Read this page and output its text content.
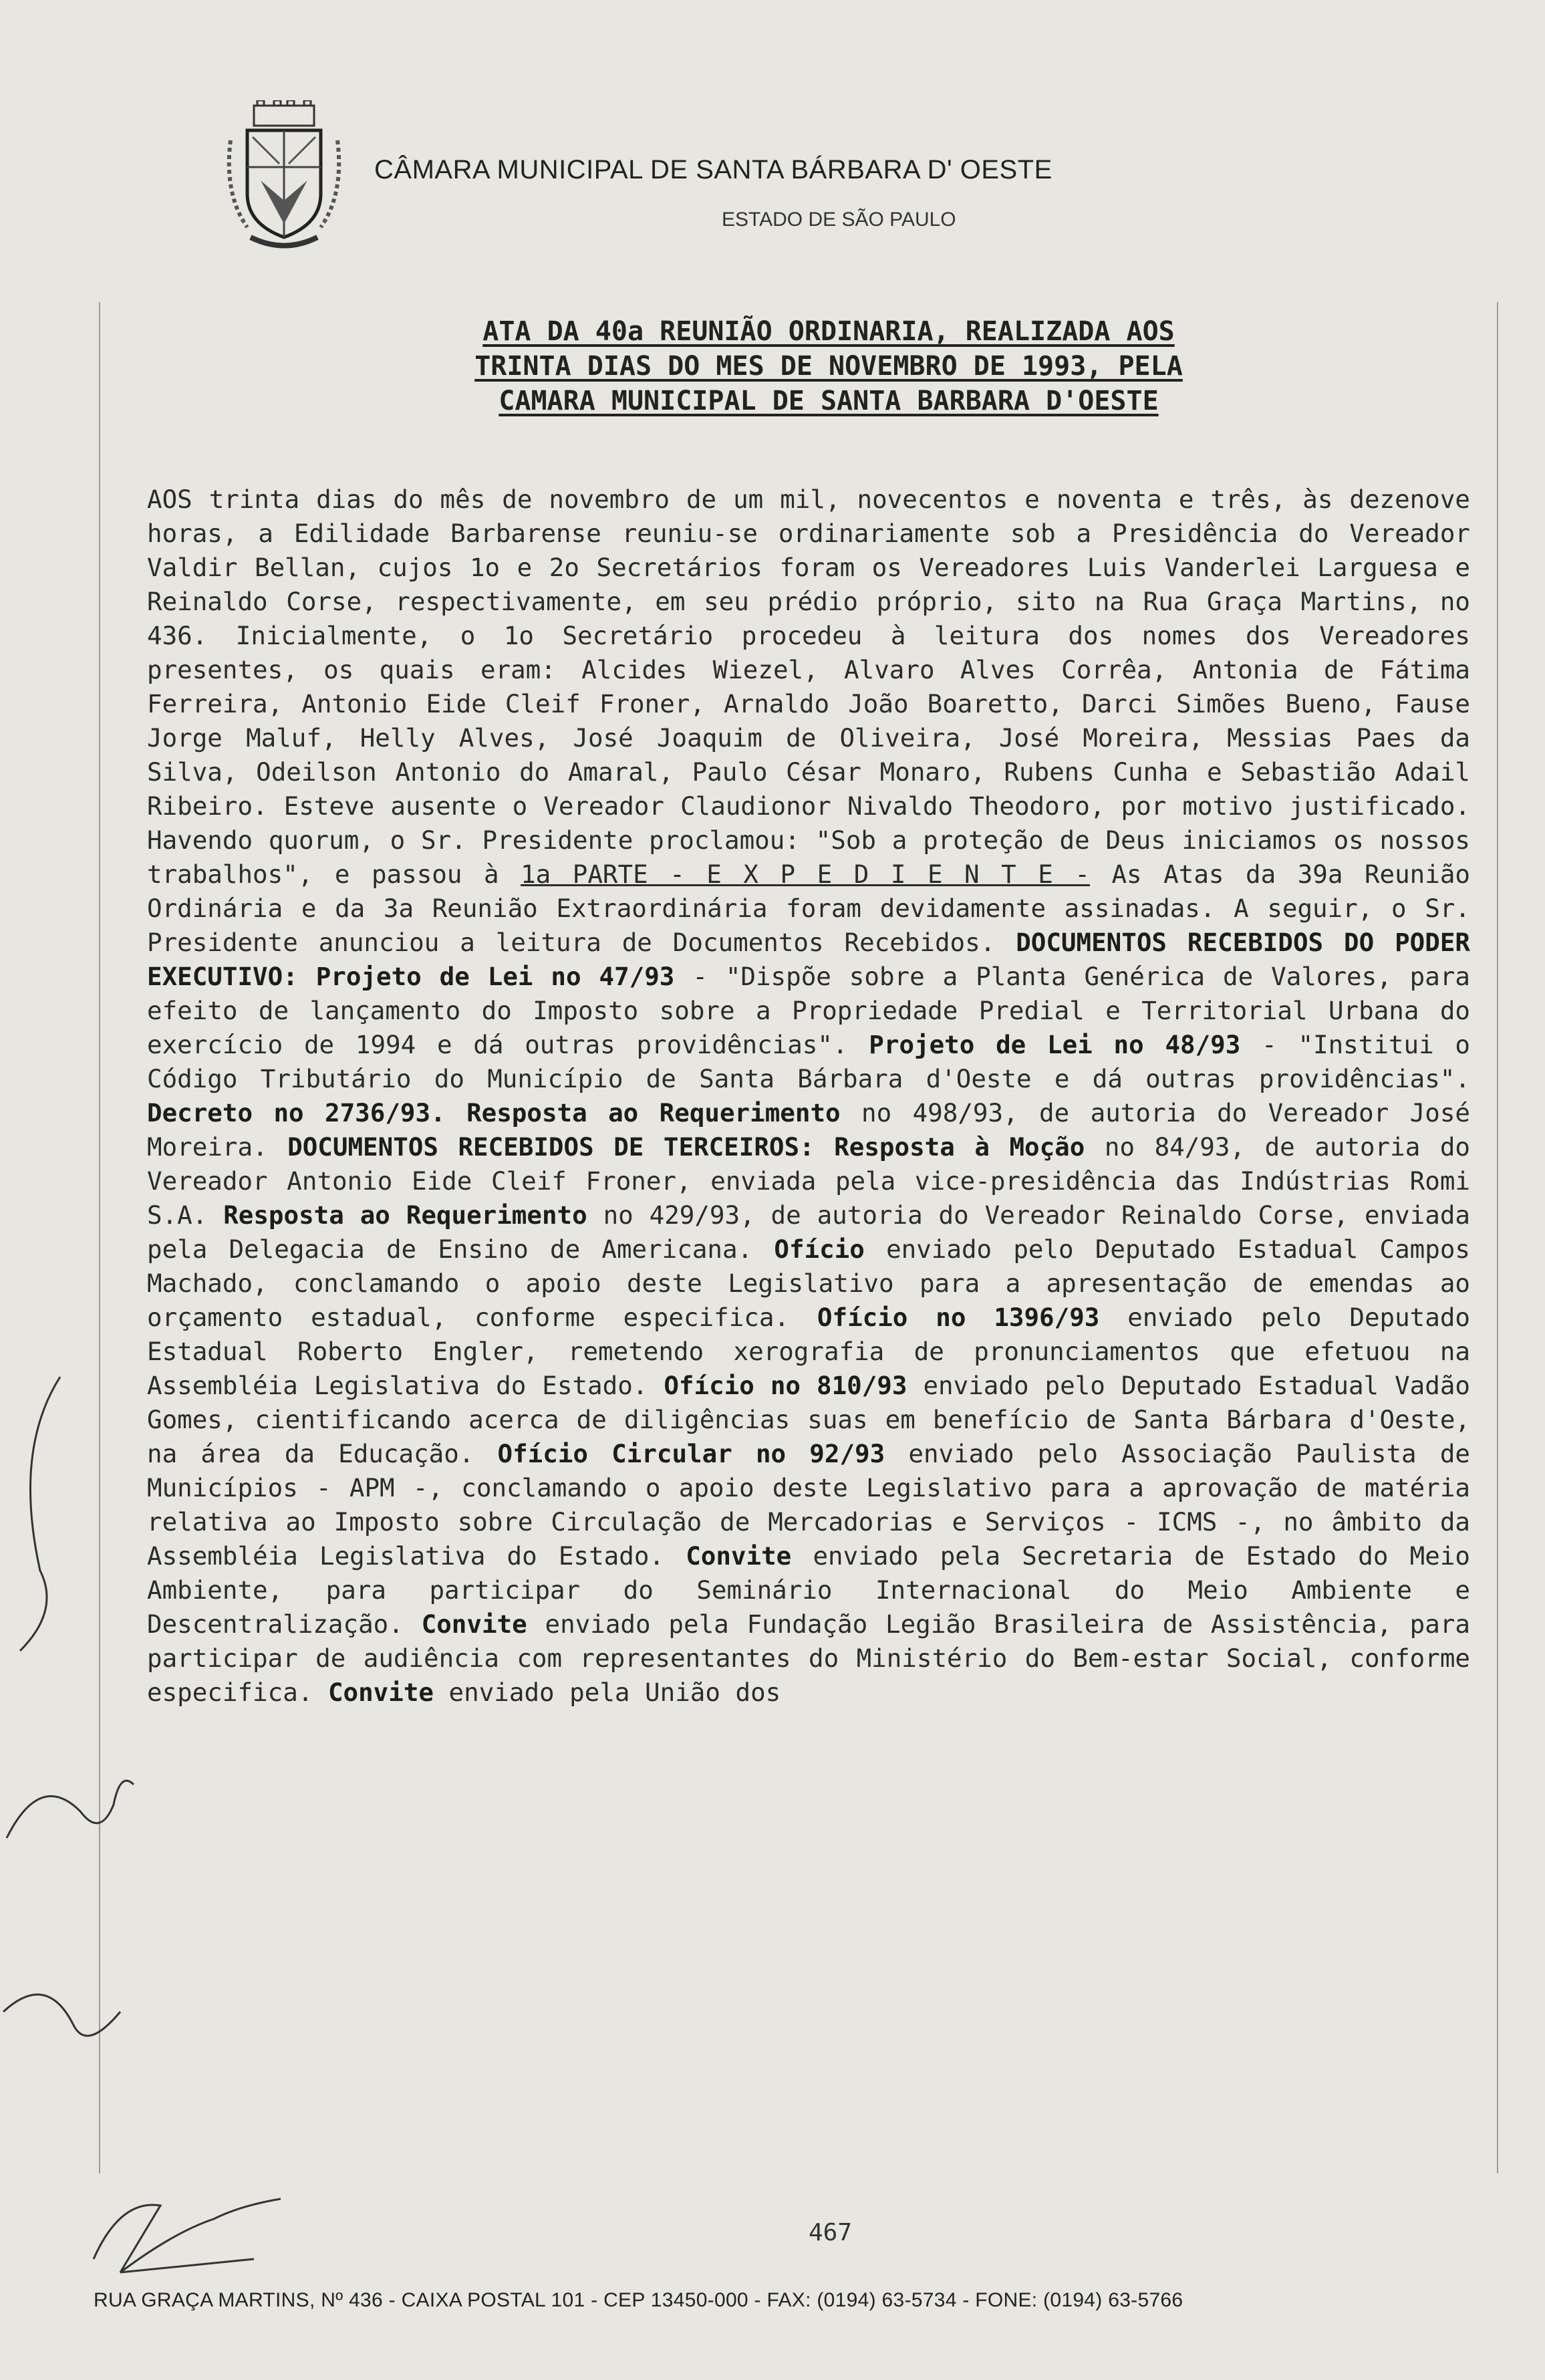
CÂMARA MUNICIPAL DE SANTA BÁRBARA D' OESTE
ESTADO DE SÃO PAULO
ATA DA 40a REUNIÃO ORDINARIA, REALIZADA AOS
TRINTA DIAS DO MES DE NOVEMBRO DE 1993, PELA
CAMARA MUNICIPAL DE SANTA BARBARA D'OESTE

AOS trinta dias do mês de novembro de um mil, novecentos e noventa e três, às dezenove horas, a Edilidade Barbarense reuniu-se ordinariamente sob a Presidência do Vereador Valdir Bellan, cujos 1o e 2o Secretários foram os Vereadores Luis Vanderlei Larguesa e Reinaldo Corse, respectivamente, em seu prédio próprio, sito na Rua Graça Martins, no 436. Inicialmente, o 1o Secretário procedeu à leitura dos nomes dos Vereadores presentes, os quais eram: Alcides Wiezel, Alvaro Alves Corrêa, Antonia de Fátima Ferreira, Antonio Eide Cleif Froner, Arnaldo João Boaretto, Darci Simões Bueno, Fause Jorge Maluf, Helly Alves, José Joaquim de Oliveira, José Moreira, Messias Paes da Silva, Odeilson Antonio do Amaral, Paulo César Monaro, Rubens Cunha e Sebastião Adail Ribeiro. Esteve ausente o Vereador Claudionor Nivaldo Theodoro, por motivo justificado. Havendo quorum, o Sr. Presidente proclamou: "Sob a proteção de Deus iniciamos os nossos trabalhos", e passou à 1a PARTE - E X P E D I E N T E - As Atas da 39a Reunião Ordinária e da 3a Reunião Extraordinária foram devidamente assinadas. A seguir, o Sr. Presidente anunciou a leitura de Documentos Recebidos. DOCUMENTOS RECEBIDOS DO PODER EXECUTIVO: Projeto de Lei no 47/93 - "Dispõe sobre a Planta Genérica de Valores, para efeito de lançamento do Imposto sobre a Propriedade Predial e Territorial Urbana do exercício de 1994 e dá outras providências". Projeto de Lei no 48/93 - "Institui o Código Tributário do Município de Santa Bárbara d'Oeste e dá outras providências". Decreto no 2736/93. Resposta ao Requerimento no 498/93, de autoria do Vereador José Moreira. DOCUMENTOS RECEBIDOS DE TERCEIROS: Resposta à Moção no 84/93, de autoria do Vereador Antonio Eide Cleif Froner, enviada pela vice-presidência das Indústrias Romi S.A. Resposta ao Requerimento no 429/93, de autoria do Vereador Reinaldo Corse, enviada pela Delegacia de Ensino de Americana. Ofício enviado pelo Deputado Estadual Campos Machado, conclamando o apoio deste Legislativo para a apresentação de emendas ao orçamento estadual, conforme especifica. Ofício no 1396/93 enviado pelo Deputado Estadual Roberto Engler, remetendo xerografia de pronunciamentos que efetuou na Assembléia Legislativa do Estado. Ofício no 810/93 enviado pelo Deputado Estadual Vadão Gomes, cientificando acerca de diligências suas em benefício de Santa Bárbara d'Oeste, na área da Educação. Ofício Circular no 92/93 enviado pelo Associação Paulista de Municípios - APM -, conclamando o apoio deste Legislativo para a aprovação de matéria relativa ao Imposto sobre Circulação de Mercadorias e Serviços - ICMS -, no âmbito da Assembléia Legislativa do Estado. Convite enviado pela Secretaria de Estado do Meio Ambiente, para participar do Seminário Internacional do Meio Ambiente e Descentralização. Convite enviado pela Fundação Legião Brasileira de Assistência, para participar de audiência com representantes do Ministério do Bem-estar Social, conforme especifica. Convite enviado pela União dos

467
RUA GRAÇA MARTINS, Nº 436 - CAIXA POSTAL 101 - CEP 13450-000 - FAX: (0194) 63-5734 - FONE: (0194) 63-5766
